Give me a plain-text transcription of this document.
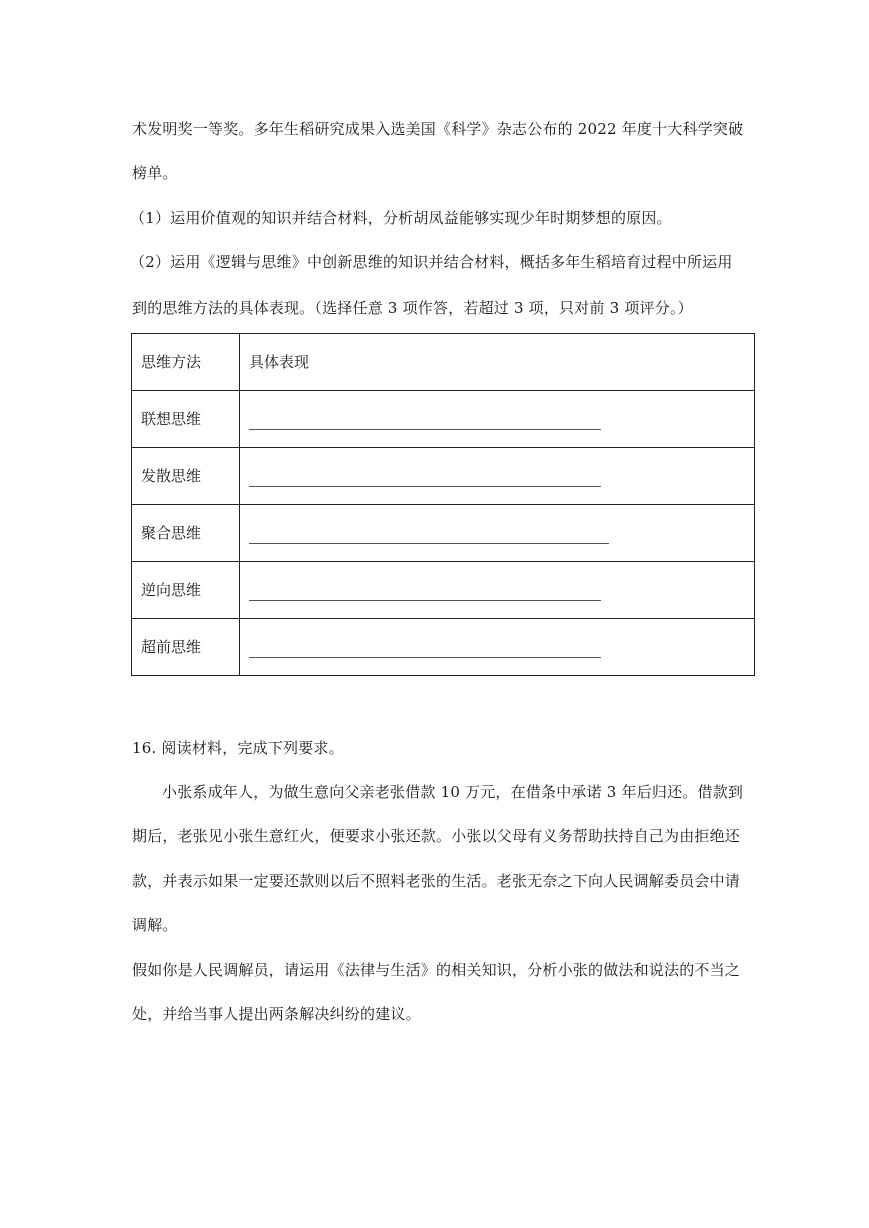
术发明奖一等奖。多年生稻研究成果入选美国《科学》杂志公布的 2022 年度十大科学突破
榜单。
（1）运用价值观的知识并结合材料，分析胡凤益能够实现少年时期梦想的原因。
（2）运用《逻辑与思维》中创新思维的知识并结合材料，概括多年生稻培育过程中所运用
到的思维方法的具体表现。（选择任意 3 项作答，若超过 3 项，只对前 3 项评分。）
思维方法	具体表现
联想思维	
发散思维	
聚合思维	
逆向思维	
超前思维	
16. 阅读材料，完成下列要求。
小张系成年人，为做生意向父亲老张借款 10 万元，在借条中承诺 3 年后归还。借款到
期后，老张见小张生意红火，便要求小张还款。小张以父母有义务帮助扶持自己为由拒绝还
款，并表示如果一定要还款则以后不照料老张的生活。老张无奈之下向人民调解委员会中请
调解。
假如你是人民调解员，请运用《法律与生活》的相关知识，分析小张的做法和说法的不当之
处，并给当事人提出两条解决纠纷的建议。
